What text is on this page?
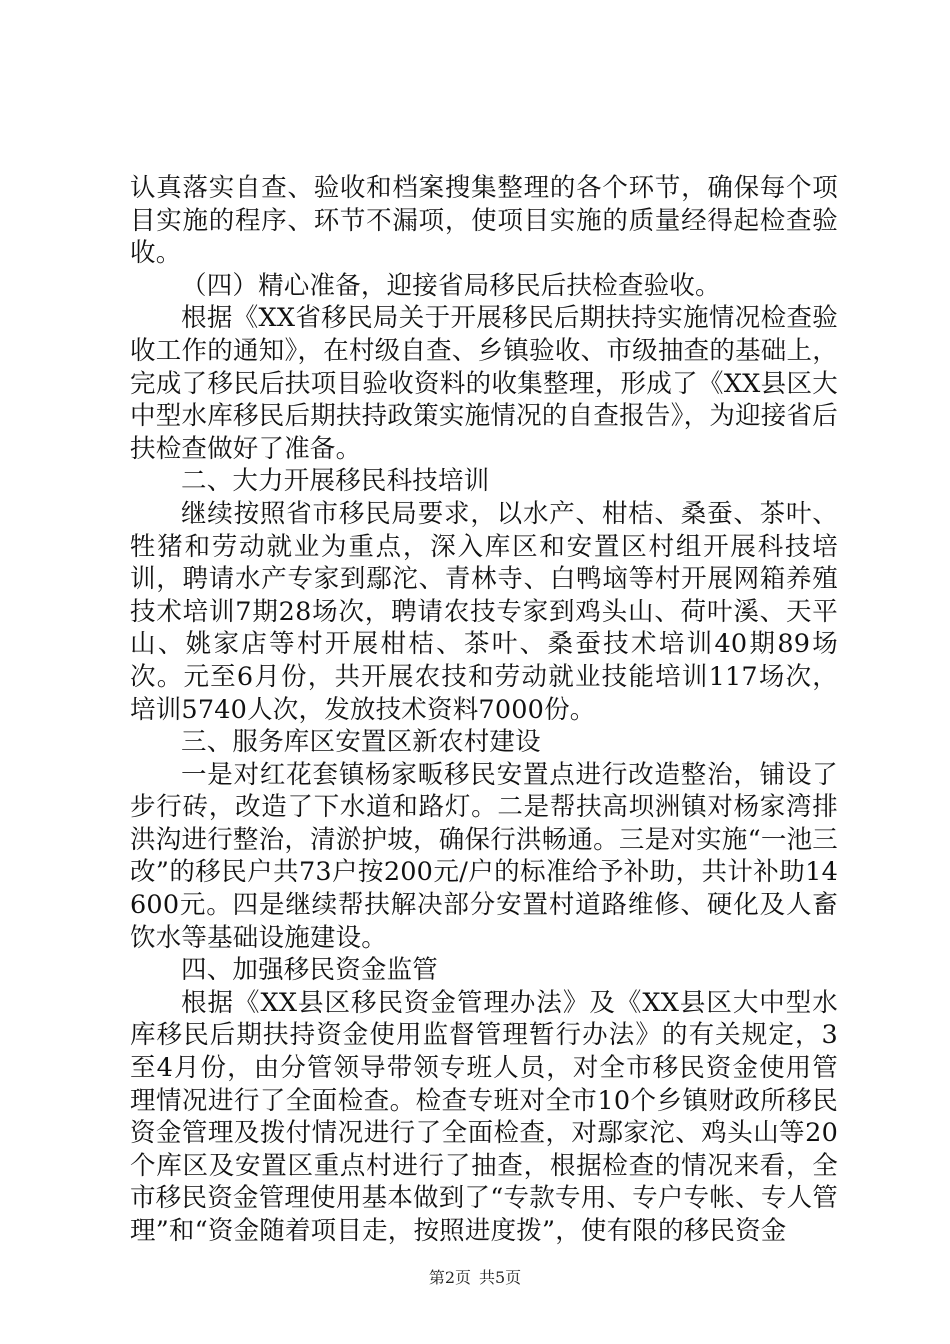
认真落实自查、验收和档案搜集整理的各个环节，确保每个项目实施的程序、环节不漏项，使项目实施的质量经得起检查验收。

（四）精心准备，迎接省局移民后扶检查验收。

根据《XX省移民局关于开展移民后期扶持实施情况检查验收工作的通知》，在村级自查、乡镇验收、市级抽查的基础上，完成了移民后扶项目验收资料的收集整理，形成了《XX县区大中型水库移民后期扶持政策实施情况的自查报告》，为迎接省后扶检查做好了准备。

二、大力开展移民科技培训

继续按照省市移民局要求，以水产、柑桔、桑蚕、茶叶、牲猪和劳动就业为重点，深入库区和安置区村组开展科技培训，聘请水产专家到鄢沱、青林寺、白鸭垴等村开展网箱养殖技术培训7期28场次，聘请农技专家到鸡头山、荷叶溪、天平山、姚家店等村开展柑桔、茶叶、桑蚕技术培训40期89场次。元至6月份，共开展农技和劳动就业技能培训117场次，培训5740人次，发放技术资料7000份。

三、服务库区安置区新农村建设

一是对红花套镇杨家畈移民安置点进行改造整治，铺设了步行砖，改造了下水道和路灯。二是帮扶高坝洲镇对杨家湾排洪沟进行整治，清淤护坡，确保行洪畅通。三是对实施“一池三改”的移民户共73户按200元/户的标准给予补助，共计补助14600元。四是继续帮扶解决部分安置村道路维修、硬化及人畜饮水等基础设施建设。

四、加强移民资金监管

根据《XX县区移民资金管理办法》及《XX县区大中型水库移民后期扶持资金使用监督管理暂行办法》的有关规定，3至4月份，由分管领导带领专班人员，对全市移民资金使用管理情况进行了全面检查。检查专班对全市10个乡镇财政所移民资金管理及拨付情况进行了全面检查，对鄢家沱、鸡头山等20个库区及安置区重点村进行了抽查，根据检查的情况来看，全市移民资金管理使用基本做到了“专款专用、专户专帐、专人管理”和“资金随着项目走，按照进度拨”，使有限的移民资金

第2页 共5页
